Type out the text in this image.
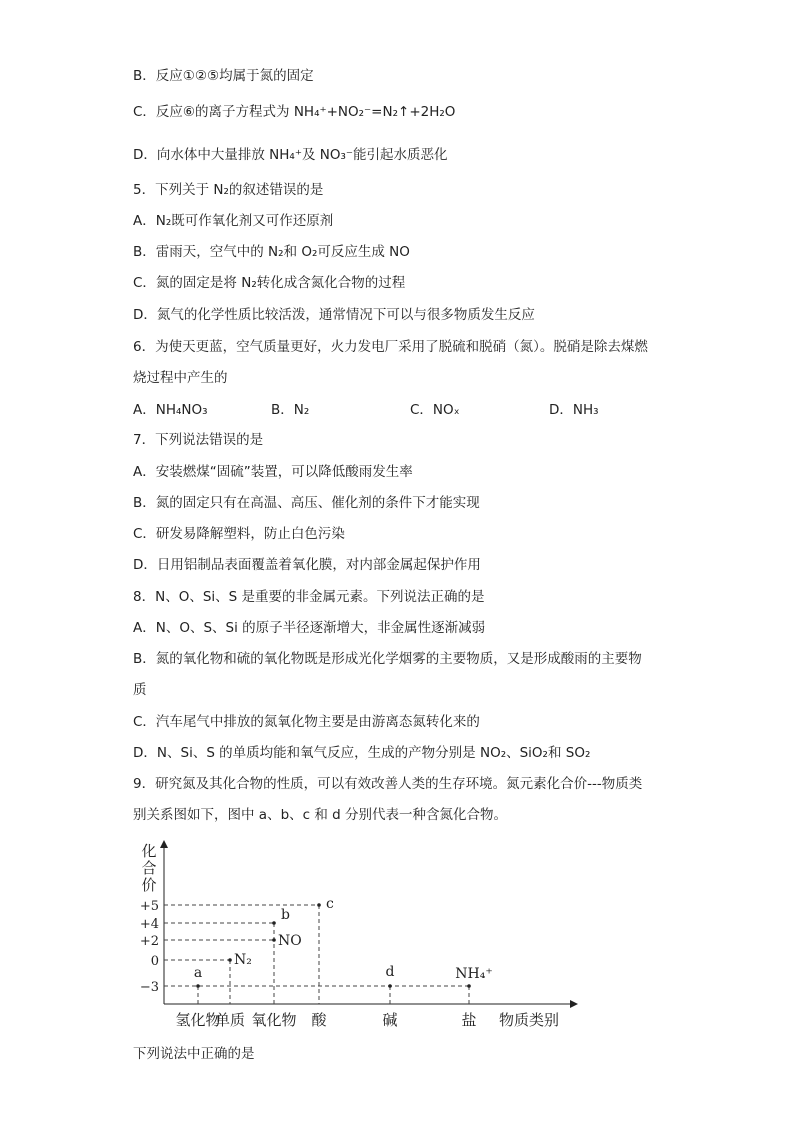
B．反应①②⑤均属于氮的固定
C．反应⑥的离子方程式为 NH₄⁺+NO₂⁻=N₂↑+2H₂O
D．向水体中大量排放 NH₄⁺及 NO₃⁻能引起水质恶化
5．下列关于 N₂的叙述错误的是
A．N₂既可作氧化剂又可作还原剂
B．雷雨天，空气中的 N₂和 O₂可反应生成 NO
C．氮的固定是将 N₂转化成含氮化合物的过程
D．氮气的化学性质比较活泼，通常情况下可以与很多物质发生反应
6．为使天更蓝，空气质量更好，火力发电厂采用了脱硫和脱硝（氮）。脱硝是除去煤燃
烧过程中产生的
A．NH₄NO₃	B．N₂	C．NOₓ	D．NH₃
7．下列说法错误的是
A．安装燃煤“固硫”装置，可以降低酸雨发生率
B．氮的固定只有在高温、高压、催化剂的条件下才能实现
C．研发易降解塑料，防止白色污染
D．日用铝制品表面覆盖着氧化膜，对内部金属起保护作用
8．N、O、Si、S 是重要的非金属元素。下列说法正确的是
A．N、O、S、Si 的原子半径逐渐增大，非金属性逐渐减弱
B．氮的氧化物和硫的氧化物既是形成光化学烟雾的主要物质，又是形成酸雨的主要物
质
C．汽车尾气中排放的氮氧化物主要是由游离态氮转化来的
D．N、Si、S 的单质均能和氧气反应，生成的产物分别是 NO₂、SiO₂和 SO₂
9．研究氮及其化合物的性质，可以有效改善人类的生存环境。氮元素化合价---物质类
别关系图如下，图中 a、b、c 和 d 分别代表一种含氮化合物。
化
合
价
物质类别
+5
+4
+2
0
−3
氢化物
单质 氧化物 酸	碱	盐
a
N₂
NO
b
c
d	NH₄⁺
下列说法中正确的是
